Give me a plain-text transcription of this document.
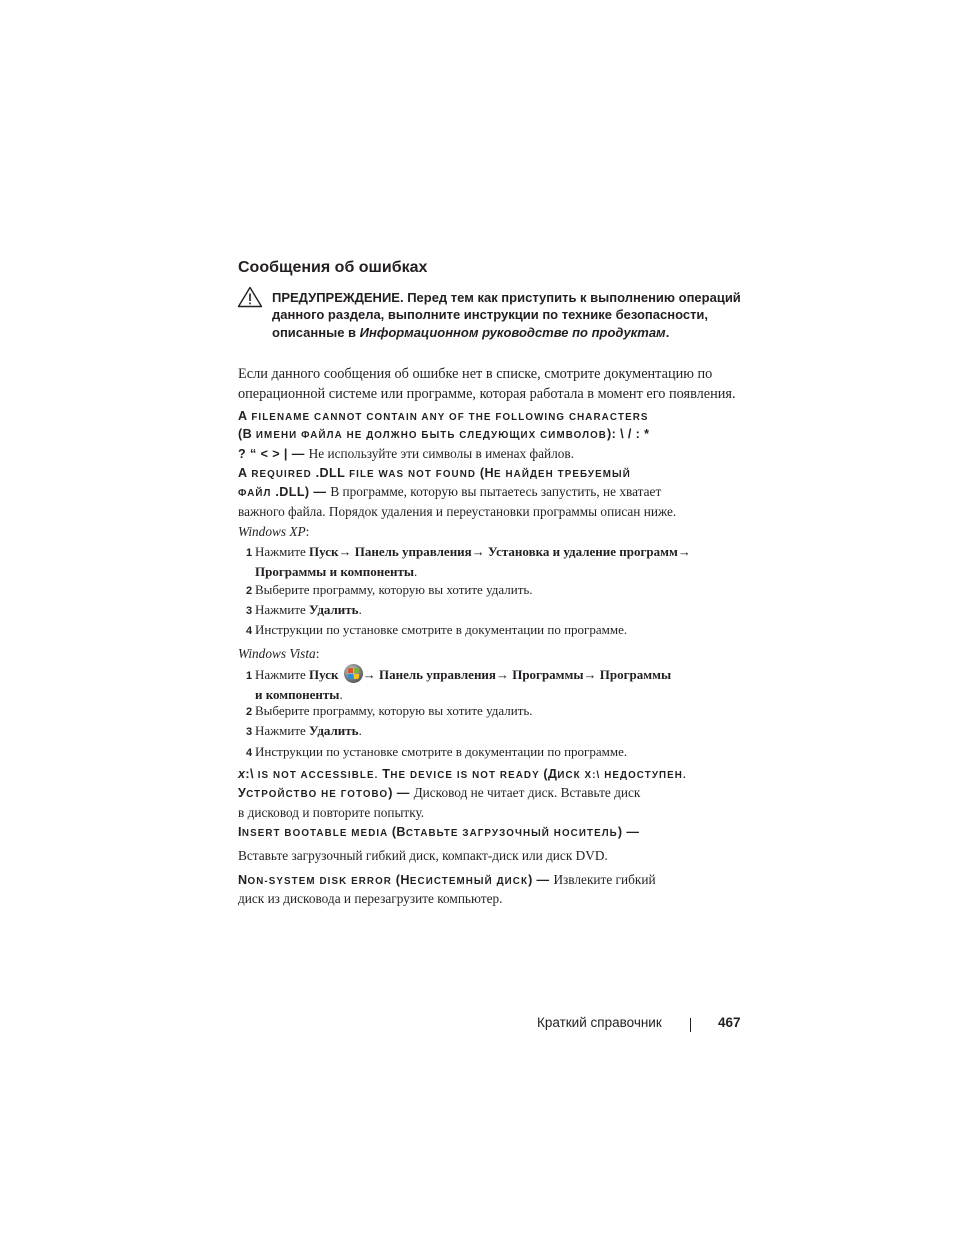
Сообщения об ошибках
ПРЕДУПРЕЖДЕНИЕ. Перед тем как приступить к выполнению операций данного раздела, выполните инструкции по технике безопасности, описанные в Информационном руководстве по продуктам.
Если данного сообщения об ошибке нет в списке, смотрите документацию по операционной системе или программе, которая работала в момент его появления.
A FILENAME CANNOT CONTAIN ANY OF THE FOLLOWING CHARACTERS
(В ИМЕНИ ФАЙЛА НЕ ДОЛЖНО БЫТЬ СЛЕДУЮЩИХ СИМВОЛОВ): \ / : *
? “ < > | — Не используйте эти символы в именах файлов.
A REQUIRED .DLL FILE WAS NOT FOUND (НЕ НАЙДЕН ТРЕБУЕМЫЙ
ФАЙЛ .DLL) — В программе, которую вы пытаетесь запустить, не хватает
важного файла. Порядок удаления и переустановки программы описан ниже.
Windows XP:
1 Нажмите Пуск→ Панель управления→ Установка и удаление программ→
Программы и компоненты.
2 Выберите программу, которую вы хотите удалить.
3 Нажмите Удалить.
4 Инструкции по установке смотрите в документации по программе.
Windows Vista:
1 Нажмите Пуск
→ Панель управления→ Программы→ Программы
и компоненты.
2 Выберите программу, которую вы хотите удалить.
3 Нажмите Удалить.
4 Инструкции по установке смотрите в документации по программе.
x:\ IS NOT ACCESSIBLE. THE DEVICE IS NOT READY (ДИСК X:\ НЕДОСТУПЕН.
УСТРОЙСТВО НЕ ГОТОВО) — Дисковод не читает диск. Вставьте диск
в дисковод и повторите попытку.
INSERT BOOTABLE MEDIA (ВСТАВЬТЕ ЗАГРУЗОЧНЫЙ НОСИТЕЛЬ) —
Вставьте загрузочный гибкий диск, компакт-диск или диск DVD.
NON-SYSTEM DISK ERROR (НЕСИСТЕМНЫЙ ДИСК) — Извлеките гибкий
диск из дисковода и перезагрузите компьютер.
Краткий справочник	467
